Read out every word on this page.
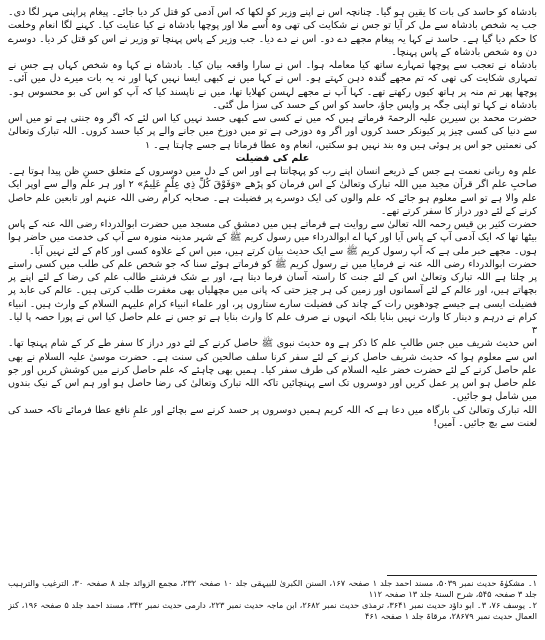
بادشاہ کو حاسد کی بات کا یقین ہو گیا۔ چنانچہ اس نے اپنے وزیر کو لکھا کہ اس آدمی کو قتل کر دیا جائے۔ پیغام پراپنی مہر لگا دی۔ جب یہ شخص بادشاہ سے مل کر آیا تو جس نے شکایت کی تھی وہ اُسے ملا اور پوچھا بادشاہ نے کیا عنایت کیا۔ کہنے لگا انعام وخلعت کا حکم دیا گیا ہے۔ حاسد نے کہا یہ پیغام مجھے دے دو۔ اس نے دے دیا۔ جب وزیر کے پاس پہنچا تو وزیر نے اس کو قتل کر دیا۔ دوسرے دن وہ شخص بادشاہ کے پاس پہنچا۔

بادشاہ نے تعجب سے پوچھا تمہارے ساتھ کیا معاملہ ہوا۔ اس نے سارا واقعہ بیان کیا۔ بادشاہ نے کہا وہ شخص کہاں ہے جس نے تمہاری شکایت کی تھی کہ تم مجھے گندہ دہن کہتے ہو۔ اس نے کہا میں نے کبھی ایسا نہیں کہا اور نہ یہ بات میرے دل میں آئی۔ پوچھا پھر تم منہ پر ہاتھ کیوں رکھتے تھے۔ کہا آپ نے مجھے لہسن کھلایا تھا، میں نے ناپسند کیا کہ آپ کو اس کی بو محسوس ہو۔ بادشاہ نے کہا تو اپنی جگہ پر واپس جاؤ، حاسد کو اس کے حسد کی سزا مل گئی۔

حضرت محمد بن سیرین علیہ الرحمۃ فرماتے ہیں کہ میں نے کسی سے کبھی حسد نہیں کیا اس لئے کہ اگر وہ جنتی ہے تو میں اس سے دنیا کی کسی چیز پر کیونکر حسد کروں اور اگر وہ دوزخی ہے تو میں دوزخ میں جانے والے پر کیا حسد کروں۔ اللہ تبارک وتعالیٰ کی نعمتیں جو اس پر ہوئی ہیں وہ بند نہیں ہو سکتیں، انعام وہ عطا فرماتا ہے جسے چاہتا ہے۔ ۱

علم کی فضیلت

علم وہ ربانی نعمت ہے جس کے ذریعے انسان اپنے رب کو پہچانتا ہے اور اس کے دل میں دوسروں کے متعلق حسنِ ظن پیدا ہوتا ہے۔ صاحبِ علم اگر قرآن مجید میں اللہ تبارک وتعالیٰ کے اس فرمان کو پڑھے «وَفَوْقَ كُلِّ ذِي عِلْمٍ عَلِيمٌ» ۲ اور ہر علم والے سے اوپر ایک علم والا ہے تو اسے معلوم ہو جائے کہ علم والوں کی ایک دوسرے پر فضیلت ہے۔ صحابہ کرام رضی اللہ عنہم اور تابعین علم حاصل کرنے کے لئے دور دراز کا سفر کرتے تھے۔

حضرت کثیر بن قیس رحمہ اللہ تعالیٰ سے روایت ہے فرماتے ہیں میں دمشق کی مسجد میں حضرت ابوالدرداء رضی اللہ عنہ کے پاس بیٹھا تھا کہ ایک آدمی آپ کے پاس آیا اور کہا اے ابوالدرداء میں رسول کریم ﷺ کے شہر مدینہ منورہ سے آپ کی خدمت میں حاضر ہوا ہوں۔ مجھے خبر ملی ہے کہ آپ رسول کریم ﷺ سے ایک حدیث بیان کرتے ہیں، میں اس کے علاوہ کسی اور کام کے لئے نہیں آیا۔

حضرت ابوالدرداء رضی اللہ عنہ نے فرمایا میں نے رسول کریم ﷺ کو فرماتے ہوئے سنا کہ جو شخص علم کی طلب میں کسی راستے پر چلتا ہے اللہ تبارک وتعالیٰ اس کے لئے جنت کا راستہ آسان فرما دیتا ہے، اور بے شک فرشتے طالب علم کی رضا کے لئے اپنے پر بچھاتے ہیں، اور عالم کے لئے آسمانوں اور زمین کی ہر چیز حتی کہ پانی میں مچھلیاں بھی مغفرت طلب کرتی ہیں۔ عالم کی عابد پر فضیلت ایسی ہے جیسے چودھویں رات کے چاند کی فضیلت سارے ستاروں پر، اور علماء انبیاء کرام علیہم السلام کے وارث ہیں۔ انبیاء کرام نے درہم و دینار کا وارث نہیں بنایا بلکہ انہوں نے صرف علم کا وارث بنایا ہے تو جس نے علم حاصل کیا اس نے پورا حصہ پا لیا۔ ۳

اس حدیث شریف میں جس طالبِ علم کا ذکر ہے وہ حدیث نبوی ﷺ حاصل کرنے کے لئے دور دراز کا سفر طے کر کے شام پہنچا تھا۔ اس سے معلوم ہوا کہ حدیث شریف حاصل کرنے کے لئے سفر کرنا سلف صالحین کی سنت ہے۔ حضرت موسیٰ علیہ السلام نے بھی علم حاصل کرنے کے لئے حضرت خضر علیہ السلام کی طرف سفر کیا۔ ہمیں بھی چاہئے کہ علم حاصل کرنے میں کوشش کریں اور جو علم حاصل ہو اس پر عمل کریں اور دوسروں تک اسے پہنچائیں تاکہ اللہ تبارک وتعالیٰ کی رضا حاصل ہو اور ہم اس کے نیک بندوں میں شامل ہو جائیں۔

اللہ تبارک وتعالیٰ کی بارگاہ میں دعا ہے کہ اللہ کریم ہمیں دوسروں پر حسد کرنے سے بچائے اور علمِ نافع عطا فرمائے تاکہ حسد کی لعنت سے بچ جائیں۔ آمین!

۱۔ مشکوٰۃ حدیث نمبر ۵۰۳۹، مسند احمد جلد ۱ صفحہ ۱۶۷، السنن الکبریٰ للبیہقی جلد ۱۰ صفحہ ۲۳۲، مجمع الزوائد جلد ۸ صفحہ ۳۰، الترغیب والترہیب جلد ۳ صفحہ ۵۴۵، شرح السنۃ جلد ۱۳ صفحہ ۱۱۲

۲۔ یوسف ۷۶، ۳۔ ابو داؤد حدیث نمبر ۳۶۴۱، ترمذی حدیث نمبر ۲۶۸۲، ابن ماجہ حدیث نمبر ۲۲۳، دارمی حدیث نمبر ۳۴۲، مسند احمد جلد ۵ صفحہ ۱۹۶، کنز العمال حدیث نمبر ۲۸۶۷۹، مرقاۃ جلد ۱ صفحہ ۴۶۱
